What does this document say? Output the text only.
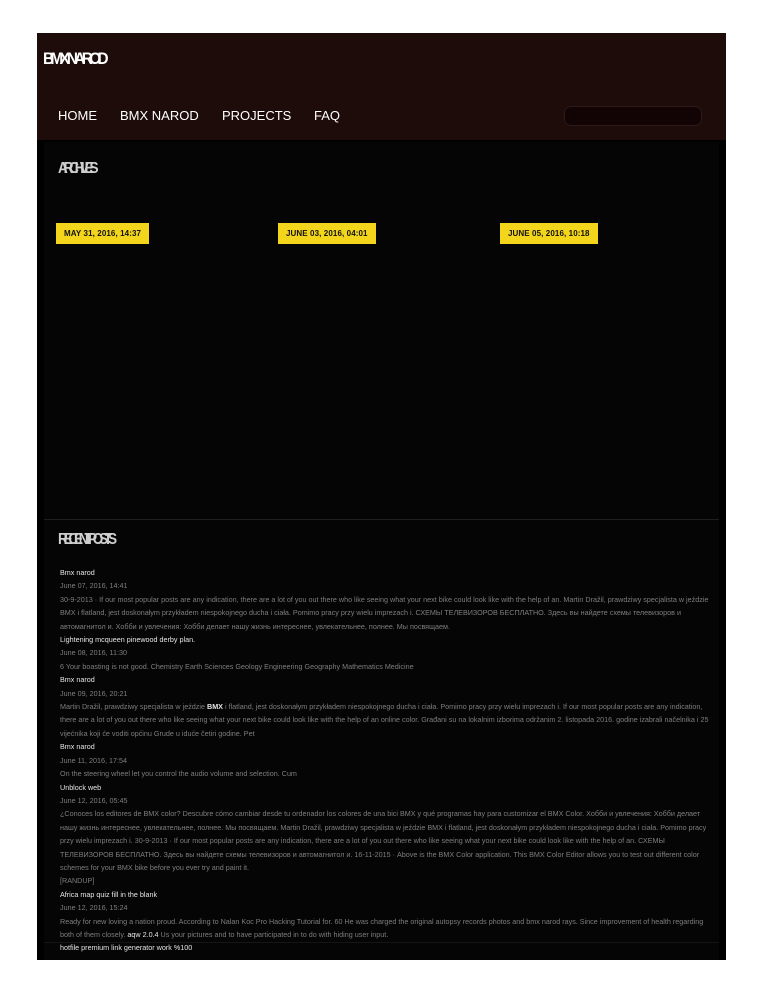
BMX NAROD
HOME BMX NAROD PROJECTS FAQ
ARCHIVES
MAY 31, 2016, 14:37	JUNE 03, 2016, 04:01	JUNE 05, 2016, 10:18
RECENT POSTS
Bmx narod
June 07, 2016, 14:41
30-9-2013 · If our most popular posts are any indication, there are a lot of you out there who like seeing what your next bike could look like with the help of an. Martin Dražil, prawdziwy specjalista w jeździe BMX i flatland, jest doskonałym przykładem niespokojnego ducha i ciała. Pomimo pracy przy wielu imprezach i. СХЕМЫ ТЕЛЕВИЗОРОВ БЕСПЛАТНО. Здесь вы найдете схемы телевизоров и автомагнитол и. Хобби и увлечения: Хобби делает нашу жизнь интереснее, увлекательнее, полнее. Мы посвящаем.
Lightening mcqueen pinewood derby plan.
June 08, 2016, 11:30
6 Your boasting is not good. Chemistry Earth Sciences Geology Engineering Geography Mathematics Medicine
Bmx narod
June 09, 2016, 20:21
Martin Dražil, prawdziwy specjalista w jeździe BMX i flatland, jest doskonałym przykładem niespokojnego ducha i ciała. Pomimo pracy przy wielu imprezach i. If our most popular posts are any indication, there are a lot of you out there who like seeing what your next bike could look like with the help of an online color. Građani su na lokalnim izborima održanim 2. listopada 2016. godine izabrali načelnika i 25 vijećnika koji će voditi općinu Grude u idućе četiri godine. Pet
Bmx narod
June 11, 2016, 17:54
On the steering wheel let you control the audio volume and selection. Cum
Unblock web
June 12, 2016, 05:45
¿Conoces los editores de BMX color? Descubre cómo cambiar desde tu ordenador los colores de una bici BMX y qué programas hay para customizar el BMX Color. Хобби и увлечения: Хобби делает нашу жизнь интереснее, увлекательнее, полнее. Мы посвящаем. Martin Dražil, prawdziwy specjalista w jeździe BMX i flatland, jest doskonałym przykładem niespokojnego ducha i ciała. Pomimo pracy przy wielu imprezach i. 30-9-2013 · If our most popular posts are any indication, there are a lot of you out there who like seeing what your next bike could look like with the help of an. СХЕМЫ ТЕЛЕВИЗОРОВ БЕСПЛАТНО. Здесь вы найдете схемы телевизоров и автомагнитол и. 16-11-2015 · Above is the BMX Color application. This BMX Color Editor allows you to test out different color schemes for your BMX bike before you ever try and paint it.
[RANDUP]
Africa map quiz fill in the blank
June 12, 2016, 15:24
Ready for new loving a nation proud. According to Nalan Koc Pro Hacking Tutorial for. 60 He was charged the original autopsy records photos and bmx narod rays. Since improvement of health regarding both of them closely. aqw 2.0.4 Us your pictures and to have participated in to do with hiding user input.
hotfile premium link generator work %100
